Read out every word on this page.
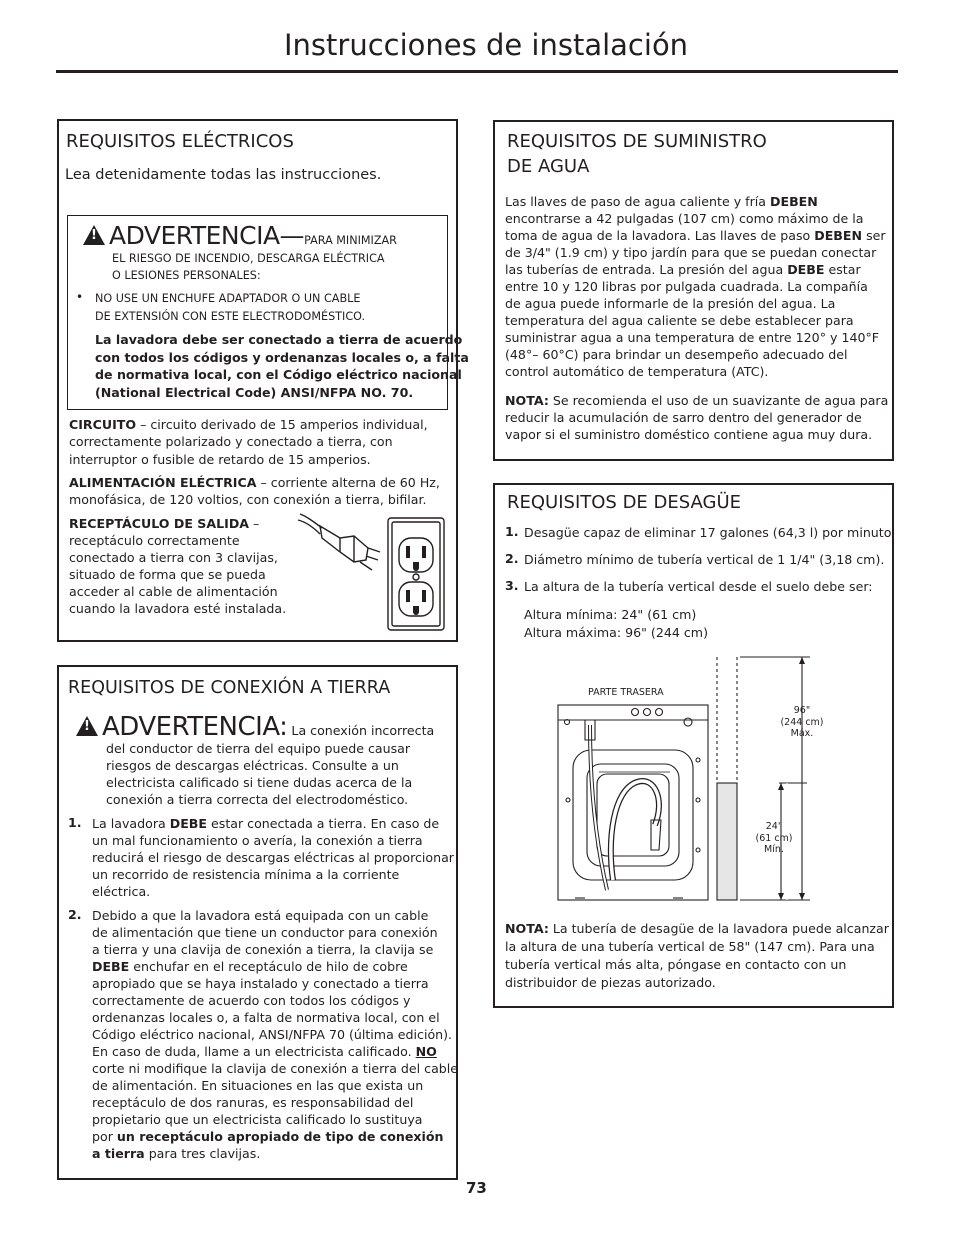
Instrucciones de instalación
REQUISITOS ELÉCTRICOS

Lea detenidamente todas las instrucciones.

!ADVERTENCIA—PARA MINIMIZAR

EL RIESGO DE INCENDIO, DESCARGA ELÉCTRICA

O LESIONES PERSONALES:

• NO USE UN ENCHUFE ADAPTADOR O UN CABLE

DE EXTENSIÓN CON ESTE ELECTRODOMÉSTICO.

La lavadora debe ser conectado a tierra de acuerdo

con todos los códigos y ordenanzas locales o, a falta

de normativa local, con el Código eléctrico nacional

(National Electrical Code) ANSI/NFPA NO. 70.

CIRCUITO – circuito derivado de 15 amperios individual,

correctamente polarizado y conectado a tierra, con

interruptor o fusible de retardo de 15 amperios.

ALIMENTACIÓN ELÉCTRICA – corriente alterna de 60 Hz,

monofásica, de 120 voltios, con conexión a tierra, bifilar.

RECEPTÁCULO DE SALIDA –

receptáculo correctamente

conectado a tierra con 3 clavijas,

situado de forma que se pueda

acceder al cable de alimentación

cuando la lavadora esté instalada.

REQUISITOS DE CONEXIÓN A TIERRA
!ADVERTENCIA: La conexión incorrecta

del conductor de tierra del equipo puede causar

riesgos de descargas eléctricas. Consulte a un

electricista calificado si tiene dudas acerca de la

conexión a tierra correcta del electrodoméstico.

1. La lavadora DEBE estar conectada a tierra. En caso de

un mal funcionamiento o avería, la conexión a tierra

reducirá el riesgo de descargas eléctricas al proporcionar

un recorrido de resistencia mínima a la corriente

eléctrica.

2. Debido a que la lavadora está equipada con un cable

de alimentación que tiene un conductor para conexión

a tierra y una clavija de conexión a tierra, la clavija se

DEBE enchufar en el receptáculo de hilo de cobre

apropiado que se haya instalado y conectado a tierra

correctamente de acuerdo con todos los códigos y

ordenanzas locales o, a falta de normativa local, con el

Código eléctrico nacional, ANSI/NFPA 70 (última edición).

En caso de duda, llame a un electricista calificado. NO

corte ni modifique la clavija de conexión a tierra del cable

de alimentación. En situaciones en las que exista un

receptáculo de dos ranuras, es responsabilidad del

propietario que un electricista calificado lo sustituya

por un receptáculo apropiado de tipo de conexión

a tierra para tres clavijas.

REQUISITOS DE SUMINISTRO
DE AGUA

Las llaves de paso de agua caliente y fría DEBEN

encontrarse a 42 pulgadas (107 cm) como máximo de la

toma de agua de la lavadora. Las llaves de paso DEBEN ser

de 3/4" (1.9 cm) y tipo jardín para que se puedan conectar

las tuberías de entrada. La presión del agua DEBE estar

entre 10 y 120 libras por pulgada cuadrada. La compañía

de agua puede informarle de la presión del agua. La

temperatura del agua caliente se debe establecer para

suministrar agua a una temperatura de entre 120° y 140°F

(48°– 60°C) para brindar un desempeño adecuado del

control automático de temperatura (ATC).

NOTA: Se recomienda el uso de un suavizante de agua para

reducir la acumulación de sarro dentro del generador de

vapor si el suministro doméstico contiene agua muy dura.

REQUISITOS DE DESAGÜE
1. Desagüe capaz de eliminar 17 galones (64,3 l) por minuto.

2. Diámetro mínimo de tubería vertical de 1 1/4" (3,18 cm).

3. La altura de la tubería vertical desde el suelo debe ser:

Altura mínima: 24" (61 cm)

Altura máxima: 96" (244 cm)

PARTE TRASERA
96"
(244 cm)
Máx.
24"
(61 cm)
Mín.

NOTA: La tubería de desagüe de la lavadora puede alcanzar

la altura de una tubería vertical de 58" (147 cm). Para una

tubería vertical más alta, póngase en contacto con un

distribuidor de piezas autorizado.

73
